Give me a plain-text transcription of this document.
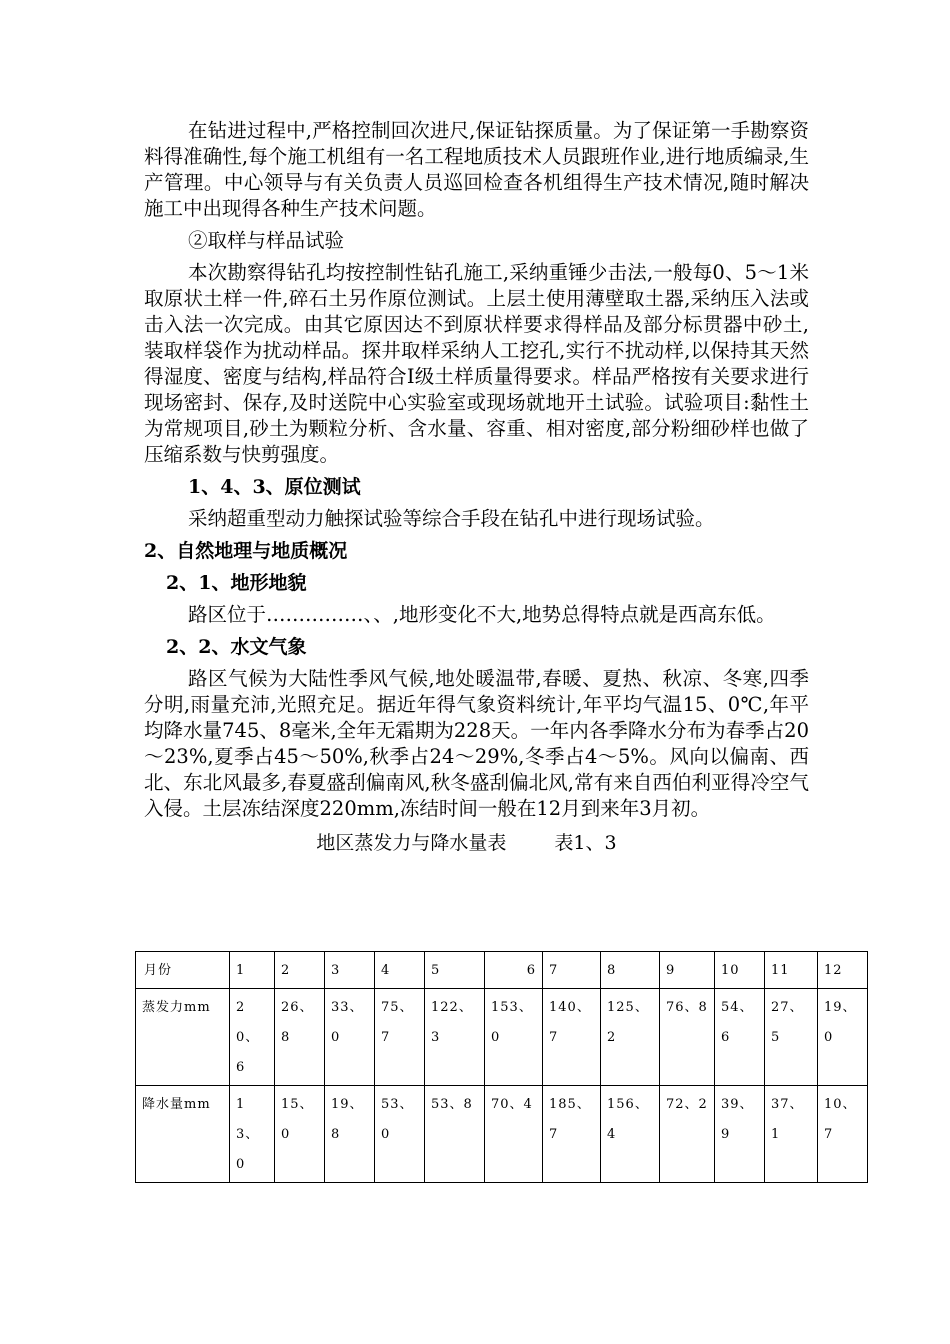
在钻进过程中,严格控制回次进尺,保证钻探质量。为了保证第一手勘察资料得准确性,每个施工机组有一名工程地质技术人员跟班作业,进行地质编录,生产管理。中心领导与有关负责人员巡回检查各机组得生产技术情况,随时解决施工中出现得各种生产技术问题。

②取样与样品试验

本次勘察得钻孔均按控制性钻孔施工,采纳重锤少击法,一般每0、5～1米取原状土样一件,碎石土另作原位测试。上层土使用薄壁取土器,采纳压入法或击入法一次完成。由其它原因达不到原状样要求得样品及部分标贯器中砂土,装取样袋作为扰动样品。探井取样采纳人工挖孔,实行不扰动样,以保持其天然得湿度、密度与结构,样品符合Ⅰ级土样质量得要求。样品严格按有关要求进行现场密封、保存,及时送院中心实验室或现场就地开土试验。试验项目:黏性土为常规项目,砂土为颗粒分析、含水量、容重、相对密度,部分粉细砂样也做了压缩系数与快剪强度。

1、4、3、原位测试

采纳超重型动力触探试验等综合手段在钻孔中进行现场试验。

2、自然地理与地质概况
2、1、地形地貌

路区位于……………、、,地形变化不大,地势总得特点就是西高东低。

2、2、水文气象

路区气候为大陆性季风气候,地处暖温带,春暖、夏热、秋凉、冬寒,四季分明,雨量充沛,光照充足。据近年得气象资料统计,年平均气温15、0℃,年平均降水量745、8毫米,全年无霜期为228天。一年内各季降水分布为春季占20～23%,夏季占45～50%,秋季占24～29%,冬季占4～5%。风向以偏南、西北、东北风最多,春夏盛刮偏南风,秋冬盛刮偏北风,常有来自西伯利亚得冷空气入侵。土层冻结深度220mm,冻结时间一般在12月到来年3月初。

地区蒸发力与降水量表	表1、3
月份	1	2	3	4	5	6	7	8	9	10	11	12
蒸发力mm	20、6	26、8	33、0	75、7	122、3	153、0	140、7	125、2	76、8	54、6	27、5	19、0
降水量mm	13、0	15、0	19、8	53、0	53、8	70、4	185、7	156、4	72、2	39、9	37、1	10、7
